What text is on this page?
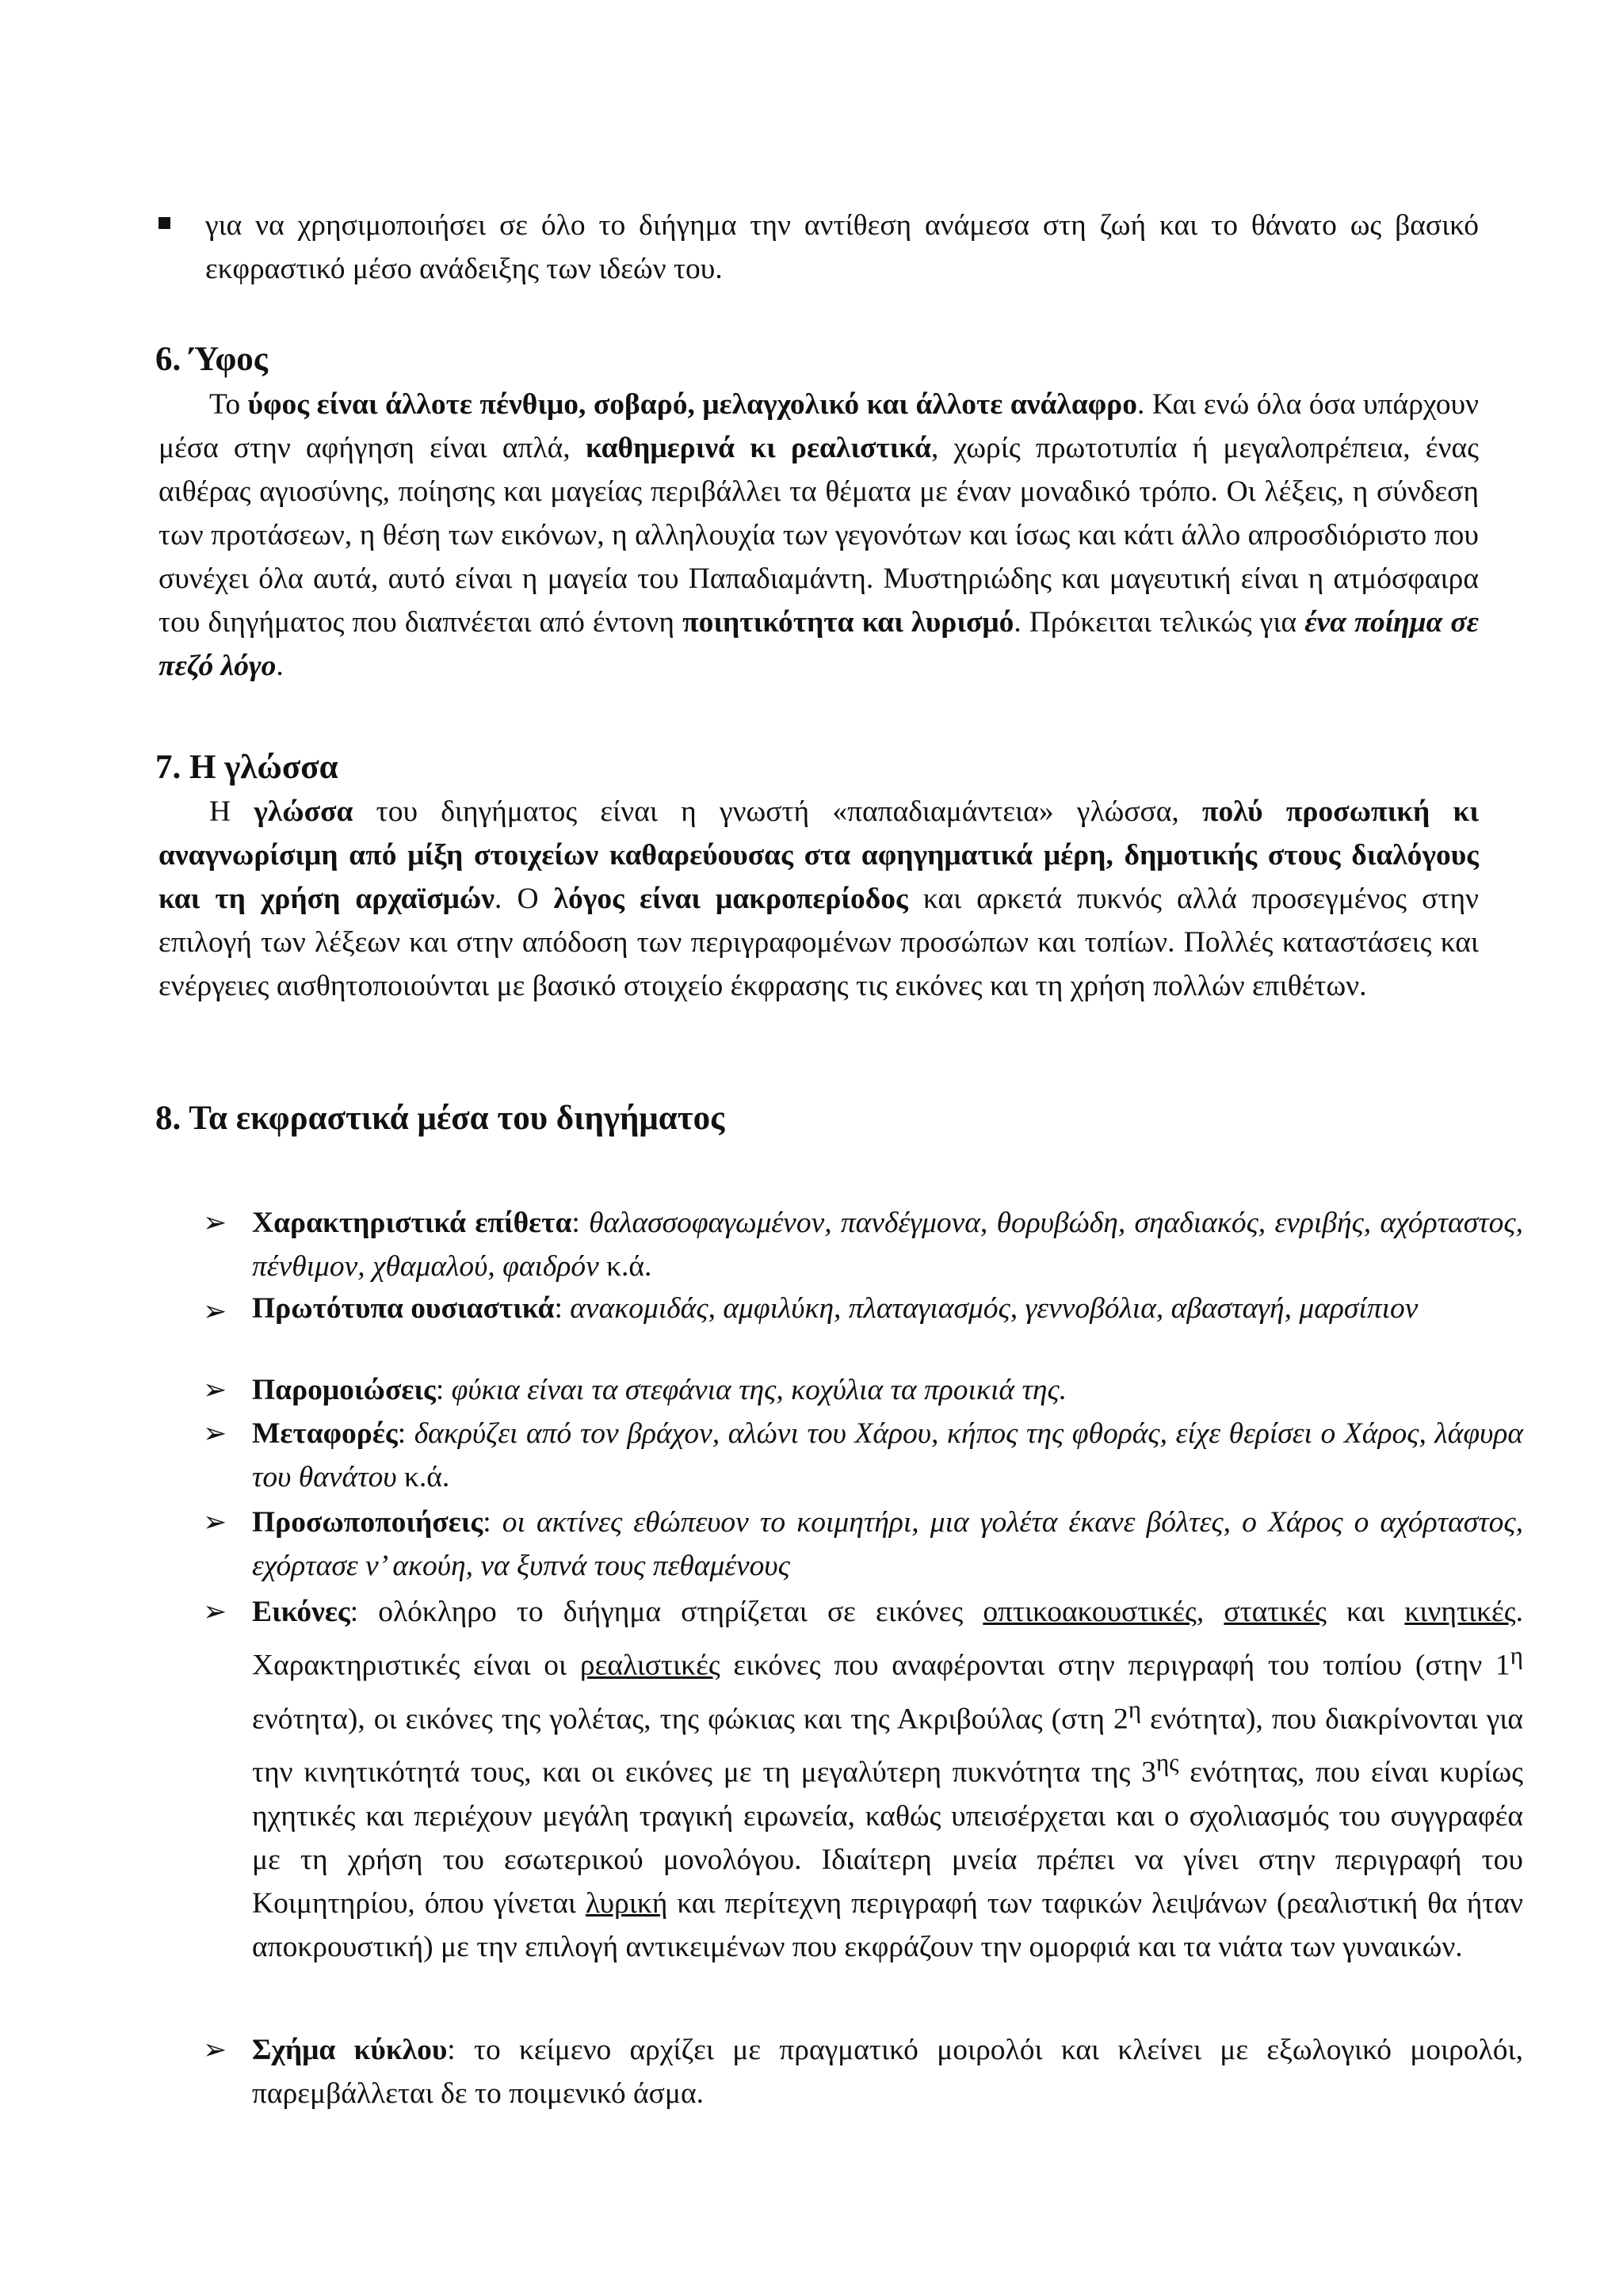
για να χρησιμοποιήσει σε όλο το διήγημα την αντίθεση ανάμεσα στη ζωή και το θάνατο ως βασικό εκφραστικό μέσο ανάδειξης των ιδεών του.
6. Ύφος
Το ύφος είναι άλλοτε πένθιμο, σοβαρό, μελαγχολικό και άλλοτε ανάλαφρο. Και ενώ όλα όσα υπάρχουν μέσα στην αφήγηση είναι απλά, καθημερινά κι ρεαλιστικά, χωρίς πρωτοτυπία ή μεγαλοπρέπεια, ένας αιθέρας αγιοσύνης, ποίησης και μαγείας περιβάλλει τα θέματα με έναν μοναδικό τρόπο. Οι λέξεις, η σύνδεση των προτάσεων, η θέση των εικόνων, η αλληλουχία των γεγονότων και ίσως και κάτι άλλο απροσδιόριστο που συνέχει όλα αυτά, αυτό είναι η μαγεία του Παπαδιαμάντη. Μυστηριώδης και μαγευτική είναι η ατμόσφαιρα του διηγήματος που διαπνέεται από έντονη ποιητικότητα και λυρισμό. Πρόκειται τελικώς για ένα ποίημα σε πεζό λόγο.
7. Η γλώσσα
Η γλώσσα του διηγήματος είναι η γνωστή «παπαδιαμάντεια» γλώσσα, πολύ προσωπική κι αναγνωρίσιμη από μίξη στοιχείων καθαρεύουσας στα αφηγηματικά μέρη, δημοτικής στους διαλόγους και τη χρήση αρχαϊσμών. Ο λόγος είναι μακροπερίοδος και αρκετά πυκνός αλλά προσεγμένος στην επιλογή των λέξεων και στην απόδοση των περιγραφομένων προσώπων και τοπίων. Πολλές καταστάσεις και ενέργειες αισθητοποιούνται με βασικό στοιχείο έκφρασης τις εικόνες και τη χρήση πολλών επιθέτων.
8. Τα εκφραστικά μέσα του διηγήματος
➢ Χαρακτηριστικά επίθετα: θαλασσοφαγωμένον, πανδέγμονα, θορυβώδη, σηαδιακός, ενριβής, αχόρταστος, πένθιμον, χθαμαλού, φαιδρόν κ.ά.
➢ Πρωτότυπα ουσιαστικά: ανακομιδάς, αμφιλύκη, πλαταγιασμός, γεννοβόλια, αβασταγή, μαρσίπιον
➢ Παρομοιώσεις: φύκια είναι τα στεφάνια της, κοχύλια τα προικιά της.
➢ Μεταφορές: δακρύζει από τον βράχον, αλώνι του Χάρου, κήπος της φθοράς, είχε θερίσει ο Χάρος, λάφυρα του θανάτου κ.ά.
➢ Προσωποποιήσεις: οι ακτίνες εθώπευον το κοιμητήρι, μια γολέτα έκανε βόλτες, ο Χάρος ο αχόρταστος, εχόρτασε ν’ ακούη, να ξυπνά τους πεθαμένους
➢ Εικόνες: ολόκληρο το διήγημα στηρίζεται σε εικόνες οπτικοακουστικές, στατικές και κινητικές. Χαρακτηριστικές είναι οι ρεαλιστικές εικόνες που αναφέρονται στην περιγραφή του τοπίου (στην $1^\eta$ ενότητα), οι εικόνες της γολέτας, της φώκιας και της Ακριβούλας (στη $2^\eta$ ενότητα), που διακρίνονται για την κινητικότητά τους, και οι εικόνες με τη μεγαλύτερη πυκνότητα της $3^{\eta\varsigma}$ ενότητας, που είναι κυρίως ηχητικές και περιέχουν μεγάλη τραγική ειρωνεία, καθώς υπεισέρχεται και ο σχολιασμός του συγγραφέα με τη χρήση του εσωτερικού μονολόγου. Ιδιαίτερη μνεία πρέπει να γίνει στην περιγραφή του Κοιμητηρίου, όπου γίνεται λυρική και περίτεχνη περιγραφή των ταφικών λειψάνων (ρεαλιστική θα ήταν αποκρουστική) με την επιλογή αντικειμένων που εκφράζουν την ομορφιά και τα νιάτα των γυναικών.
➢ Σχήμα κύκλου: το κείμενο αρχίζει με πραγματικό μοιρολόι και κλείνει με εξωλογικό μοιρολόι, παρεμβάλλεται δε το ποιμενικό άσμα.
